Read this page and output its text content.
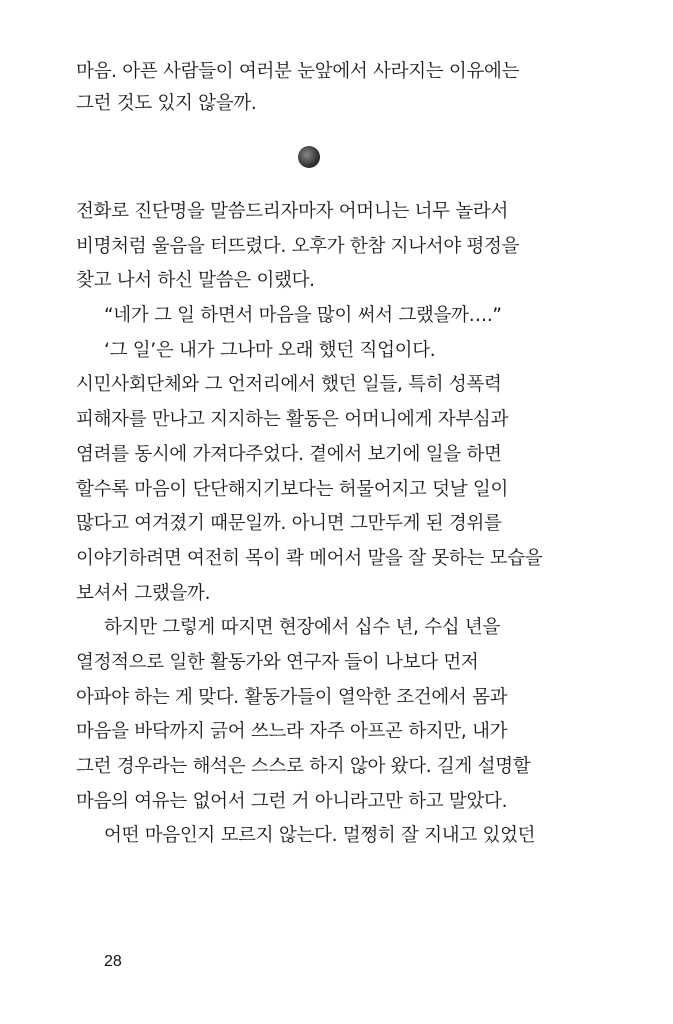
마음. 아픈 사람들이 여러분 눈앞에서 사라지는 이유에는
그런 것도 있지 않을까.
전화로 진단명을 말씀드리자마자 어머니는 너무 놀라서
비명처럼 울음을 터뜨렸다. 오후가 한참 지나서야 평정을
찾고 나서 하신 말씀은 이랬다.
“네가 그 일 하면서 마음을 많이 써서 그랬을까….”
‘그 일’은 내가 그나마 오래 했던 직업이다.
시민사회단체와 그 언저리에서 했던 일들, 특히 성폭력
피해자를 만나고 지지하는 활동은 어머니에게 자부심과
염려를 동시에 가져다주었다. 곁에서 보기에 일을 하면
할수록 마음이 단단해지기보다는 허물어지고 덧날 일이
많다고 여겨졌기 때문일까. 아니면 그만두게 된 경위를
이야기하려면 여전히 목이 콱 메어서 말을 잘 못하는 모습을
보셔서 그랬을까.
하지만 그렇게 따지면 현장에서 십수 년, 수십 년을
열정적으로 일한 활동가와 연구자 들이 나보다 먼저
아파야 하는 게 맞다. 활동가들이 열악한 조건에서 몸과
마음을 바닥까지 긁어 쓰느라 자주 아프곤 하지만, 내가
그런 경우라는 해석은 스스로 하지 않아 왔다. 길게 설명할
마음의 여유는 없어서 그런 거 아니라고만 하고 말았다.
어떤 마음인지 모르지 않는다. 멀쩡히 잘 지내고 있었던
28
